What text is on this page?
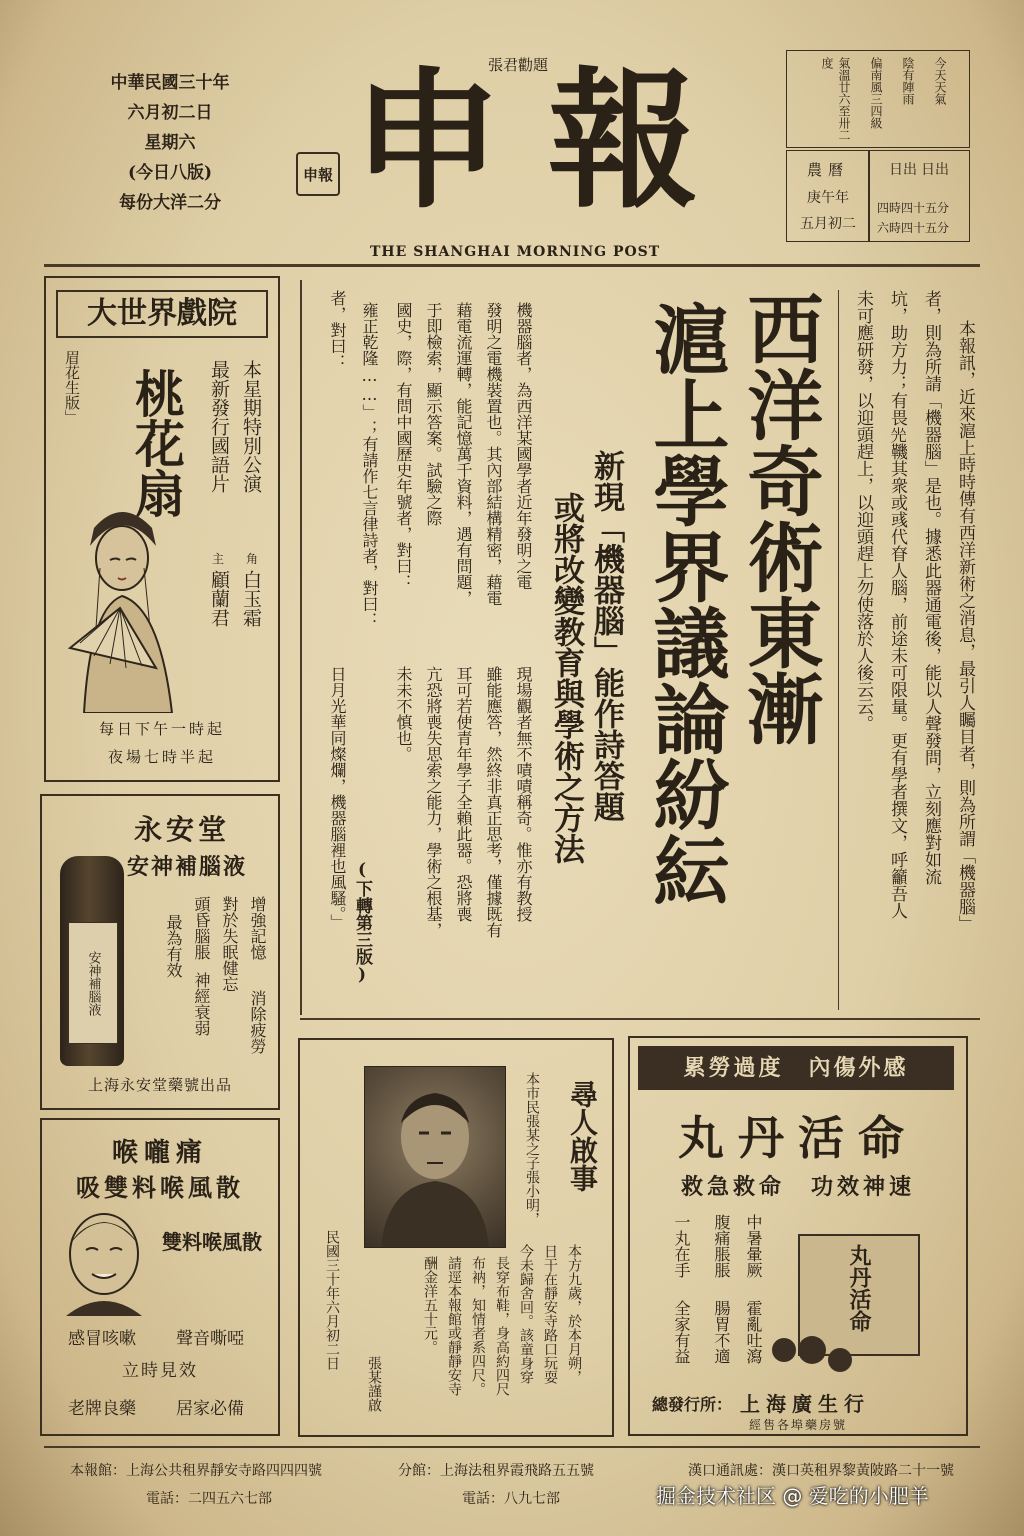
中華民國三十年
六月初二日
星期六
(今日八版)
每份大洋二分
張君勸題
申報 申 報
THE SHANGHAI MORNING POST
今天天氣
陰有陣雨
偏南風三四級
氣溫廿六至卅二度
農曆
庚午年
五月初二
日出 日出
四時四十五分
六時四十五分
大世界戲院
眉花生版」 桃花扇	本星期特別公演
最新發行國語片
角
主
白玉霜
顧蘭君
每日下午一時起
夜場七時半起
永安堂
安神補腦液
安神補腦液
增強記憶
消除疲勞
對於失眠健忘
頭昏腦脹
神經衰弱
最為有效
上海永安堂藥號出品
喉嚨痛
吸雙料喉風散
雙料喉風散
感冒咳嗽 聲音嘶啞
立時見效
老牌良藥 居家必備
本報訊，近來滬上時時傳有西洋新術之消息，最引人矚目者，則為所謂「機器腦」
者，則為所請「機器腦」是也。據悉此器通電後，能以人聲發問，立刻應對如流
坑，助方力；有畏𠒃鞿其衆或彧代眘人腦，前途未可限量。更有學者撰文，呼籲吾人
未可應研發，以迎頭趕上，以迎頭趕上勿使落於人後云云。
西洋奇術東漸
滬上學界議論紛紜
新現「機器腦」能作詩答題
或將改變教育與學術之方法
機器腦者，為西洋某國學者近年發明之電
發明之電機裝置也。其內部結構精密，藉電
藉電流運轉，能記憶萬千資料，遇有問題，
于即檢索，顯示答案。試驗之際
國史，際，有問中國歷史年號者，對曰：
雍正乾隆……」；有請作七言律詩者，對曰：
者，對曰：
現場觀者無不嘖嘖稱奇。惟亦有教授
雖能應答，然終非真正思考，僅據既有
耳可若使青年學子全賴此器。恐將喪
亢恐將喪失思索之能力，學術之根基，
未未不慎也。
日月光華同燦爛，機器腦裡也風騷。」 (下轉第三版)
尋人啟事
本市民張某之子張小明，
本方九歲，於本月朔，
日干在靜安寺路口玩耍
今未歸舍回。該童身穿
長穿布鞋，身高約四尺
布衲，知情者系四尺。
請逕本報館或靜靜安寺
酬金洋五十元。
張某謹啟
民國三十年六月初二日
累勞過度　內傷外感
丸丹活命
救急救命　功效神速
中暑暈厥
霍亂吐瀉
腹痛脹脹
腸胃不適
一丸在手
全家有益	丸丹活命
總發行所： 上海廣生行
經售各埠藥房號
本報館：上海公共租界靜安寺路四四四號
電話：二四五六七部
分館：上海法租界霞飛路五五號
電話：八九七部
漢口通訊處：漢口英租界黎黃陂路二十一號
掘金技术社区 @ 爱吃的小肥羊
